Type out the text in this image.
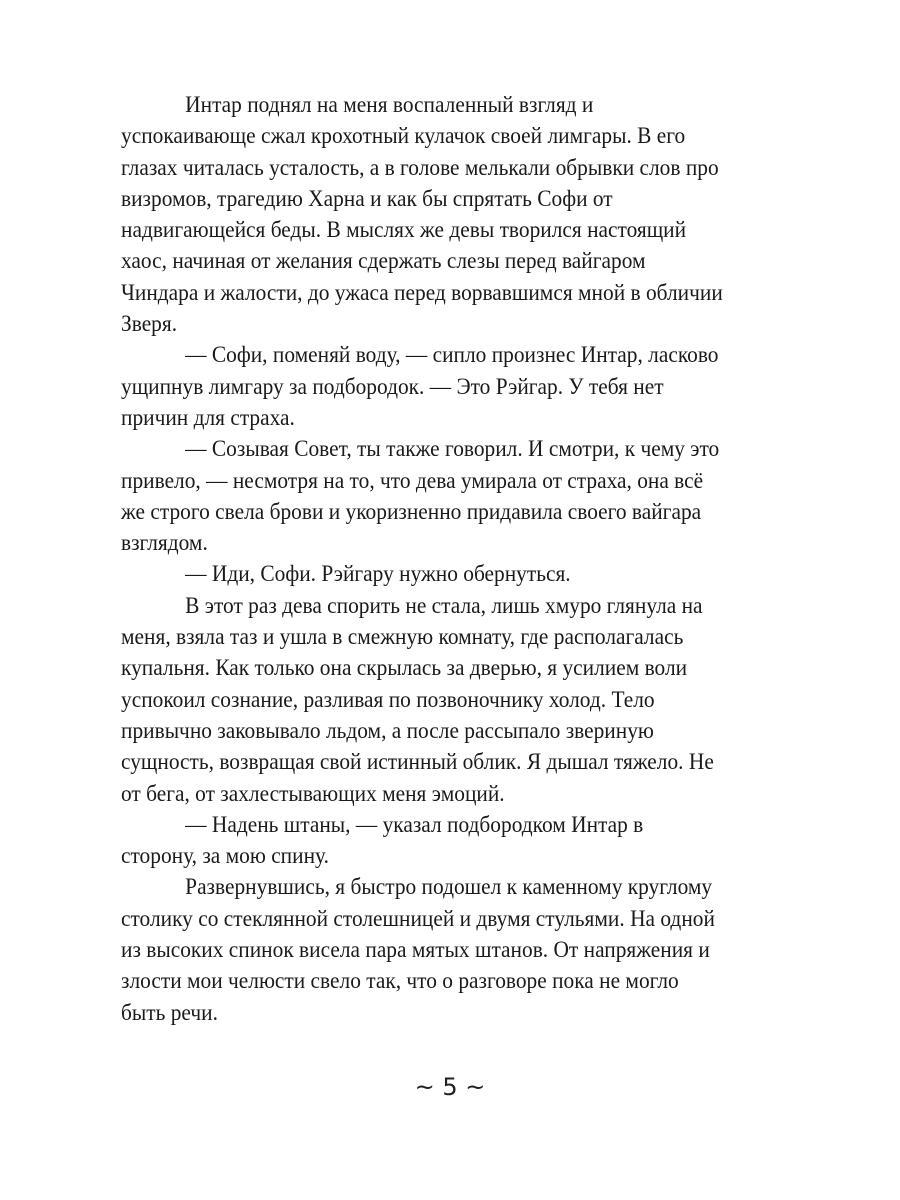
Интар поднял на меня воспаленный взгляд и
успокаивающе сжал крохотный кулачок своей лимгары. В его
глазах читалась усталость, а в голове мелькали обрывки слов про
визромов, трагедию Харна и как бы спрятать Софи от
надвигающейся беды. В мыслях же девы творился настоящий
хаос, начиная от желания сдержать слезы перед вайгаром
Чиндара и жалости, до ужаса перед ворвавшимся мной в обличии
Зверя.
— Софи, поменяй воду, — сипло произнес Интар, ласково
ущипнув лимгару за подбородок. — Это Рэйгар. У тебя нет
причин для страха.
— Созывая Совет, ты также говорил. И смотри, к чему это
привело, — несмотря на то, что дева умирала от страха, она всё
же строго свела брови и укоризненно придавила своего вайгара
взглядом.
— Иди, Софи. Рэйгару нужно обернуться.
В этот раз дева спорить не стала, лишь хмуро глянула на
меня, взяла таз и ушла в смежную комнату, где располагалась
купальня. Как только она скрылась за дверью, я усилием воли
успокоил сознание, разливая по позвоночнику холод. Тело
привычно заковывало льдом, а после рассыпало звериную
сущность, возвращая свой истинный облик. Я дышал тяжело. Не
от бега, от захлестывающих меня эмоций.
— Надень штаны, — указал подбородком Интар в
сторону, за мою спину.
Развернувшись, я быстро подошел к каменному круглому
столику со стеклянной столешницей и двумя стульями. На одной
из высоких спинок висела пара мятых штанов. От напряжения и
злости мои челюсти свело так, что о разговоре пока не могло
быть речи.
~ 5 ~
